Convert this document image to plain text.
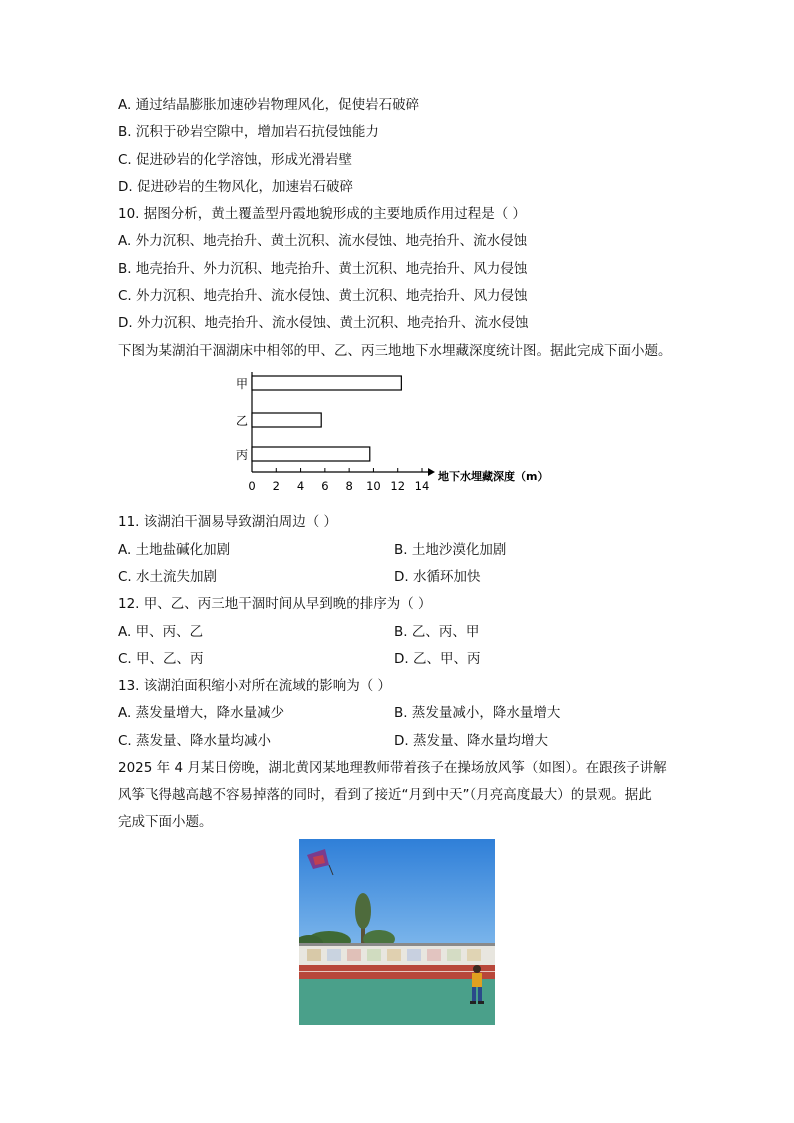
A. 通过结晶膨胀加速砂岩物理风化，促使岩石破碎
B. 沉积于砂岩空隙中，增加岩石抗侵蚀能力
C. 促进砂岩的化学溶蚀，形成光滑岩壁
D. 促进砂岩的生物风化，加速岩石破碎
10. 据图分析，黄土覆盖型丹霞地貌形成的主要地质作用过程是（ ）
A. 外力沉积、地壳抬升、黄土沉积、流水侵蚀、地壳抬升、流水侵蚀
B. 地壳抬升、外力沉积、地壳抬升、黄土沉积、地壳抬升、风力侵蚀
C. 外力沉积、地壳抬升、流水侵蚀、黄土沉积、地壳抬升、风力侵蚀
D. 外力沉积、地壳抬升、流水侵蚀、黄土沉积、地壳抬升、流水侵蚀
下图为某湖泊干涸湖床中相邻的甲、乙、丙三地地下水埋藏深度统计图。据此完成下面小题。
甲
乙
丙
0 2 4 6 8 10 12 14
地下水埋藏深度（m）
11. 该湖泊干涸易导致湖泊周边（ ）
A. 土地盐碱化加剧	B. 土地沙漠化加剧
C. 水土流失加剧	D. 水循环加快
12. 甲、乙、丙三地干涸时间从早到晚的排序为（ ）
A. 甲、丙、乙	B. 乙、丙、甲
C. 甲、乙、丙	D. 乙、甲、丙
13. 该湖泊面积缩小对所在流域的影响为（ ）
A. 蒸发量增大，降水量减少	B. 蒸发量减小，降水量增大
C. 蒸发量、降水量均减小	D. 蒸发量、降水量均增大
2025 年 4 月某日傍晚，湖北黄冈某地理教师带着孩子在操场放风筝（如图）。在跟孩子讲解
风筝飞得越高越不容易掉落的同时，看到了接近“月到中天”（月亮高度最大）的景观。据此
完成下面小题。
